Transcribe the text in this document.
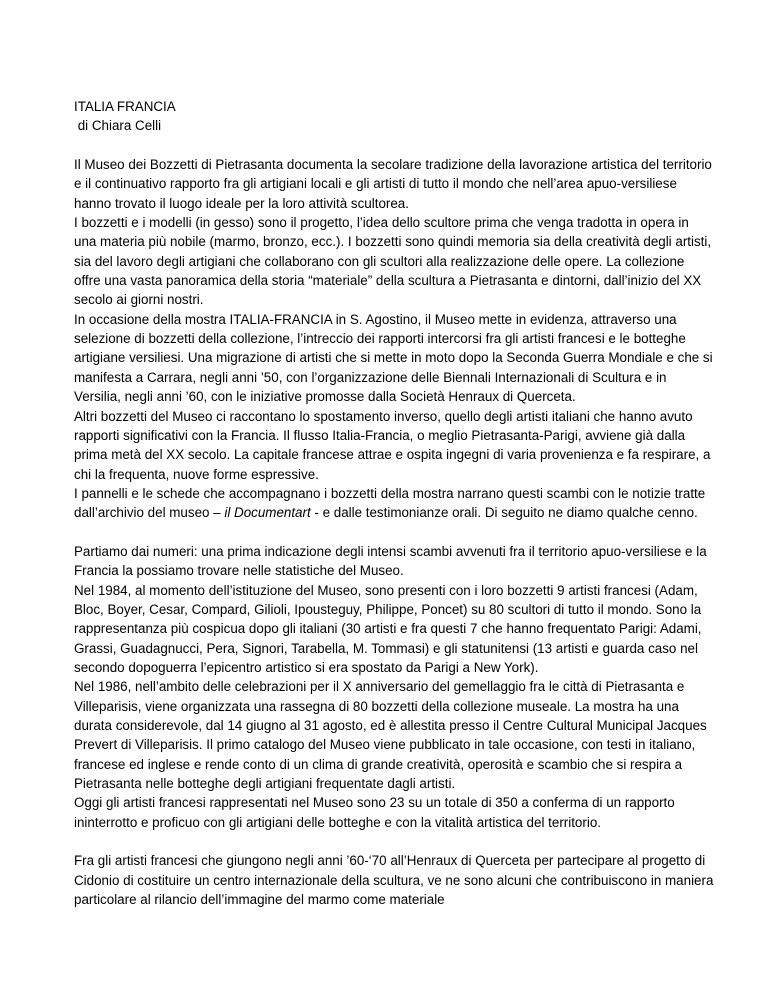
ITALIA FRANCIA

di Chiara Celli

Il Museo dei Bozzetti di Pietrasanta documenta la secolare tradizione della lavorazione artistica del territorio e il continuativo rapporto fra gli artigiani locali e gli artisti di tutto il mondo che nell’area apuo-versiliese hanno trovato il luogo ideale per la loro attività scultorea.

I bozzetti e i modelli (in gesso) sono il progetto, l’idea dello scultore prima che venga tradotta in opera in una materia più nobile (marmo, bronzo, ecc.). I bozzetti sono quindi memoria sia della creatività degli artisti, sia del lavoro degli artigiani che collaborano con gli scultori alla realizzazione delle opere. La collezione offre una vasta panoramica della storia “materiale” della scultura a Pietrasanta e dintorni, dall’inizio del XX secolo ai giorni nostri.

In occasione della mostra ITALIA-FRANCIA in S. Agostino, il Museo mette in evidenza, attraverso una selezione di bozzetti della collezione, l’intreccio dei rapporti intercorsi fra gli artisti francesi e le botteghe artigiane versiliesi. Una migrazione di artisti che si mette in moto dopo la Seconda Guerra Mondiale e che si manifesta a Carrara, negli anni ’50, con l’organizzazione delle Biennali Internazionali di Scultura e in Versilia, negli anni ’60, con le iniziative promosse dalla Società Henraux di Querceta.

Altri bozzetti del Museo ci raccontano lo spostamento inverso, quello degli artisti italiani che hanno avuto rapporti significativi con la Francia. Il flusso Italia-Francia, o meglio Pietrasanta-Parigi, avviene già dalla prima metà del XX secolo. La capitale francese attrae e ospita ingegni di varia provenienza e fa respirare, a chi la frequenta, nuove forme espressive.

I pannelli e le schede che accompagnano i bozzetti della mostra narrano questi scambi con le notizie tratte dall’archivio del museo – il Documentart - e dalle testimonianze orali. Di seguito ne diamo qualche cenno.

Partiamo dai numeri: una prima indicazione degli intensi scambi avvenuti fra il territorio apuo-versiliese e la Francia la possiamo trovare nelle statistiche del Museo.

Nel 1984, al momento dell’istituzione del Museo, sono presenti con i loro bozzetti 9 artisti francesi (Adam, Bloc, Boyer, Cesar, Compard, Gilioli, Ipousteguy, Philippe, Poncet) su 80 scultori di tutto il mondo. Sono la rappresentanza più cospicua dopo gli italiani (30 artisti e fra questi 7 che hanno frequentato Parigi: Adami, Grassi, Guadagnucci, Pera, Signori, Tarabella, M. Tommasi) e gli statunitensi (13 artisti e guarda caso nel secondo dopoguerra l’epicentro artistico si era spostato da Parigi a New York).

Nel 1986, nell’ambito delle celebrazioni per il X anniversario del gemellaggio fra le città di Pietrasanta e Villeparisis, viene organizzata una rassegna di 80 bozzetti della collezione museale. La mostra ha una durata considerevole, dal 14 giugno al 31 agosto, ed è allestita presso il Centre Cultural Municipal Jacques Prevert di Villeparisis. Il primo catalogo del Museo viene pubblicato in tale occasione, con testi in italiano, francese ed inglese e rende conto di un clima di grande creatività, operosità e scambio che si respira a Pietrasanta nelle botteghe degli artigiani frequentate dagli artisti.

Oggi gli artisti francesi rappresentati nel Museo sono 23 su un totale di 350 a conferma di un rapporto ininterrotto e proficuo con gli artigiani delle botteghe e con la vitalità artistica del territorio.

Fra gli artisti francesi che giungono negli anni ’60-‘70 all’Henraux di Querceta per partecipare al progetto di Cidonio di costituire un centro internazionale della scultura, ve ne sono alcuni che contribuiscono in maniera particolare al rilancio dell’immagine del marmo come materiale
